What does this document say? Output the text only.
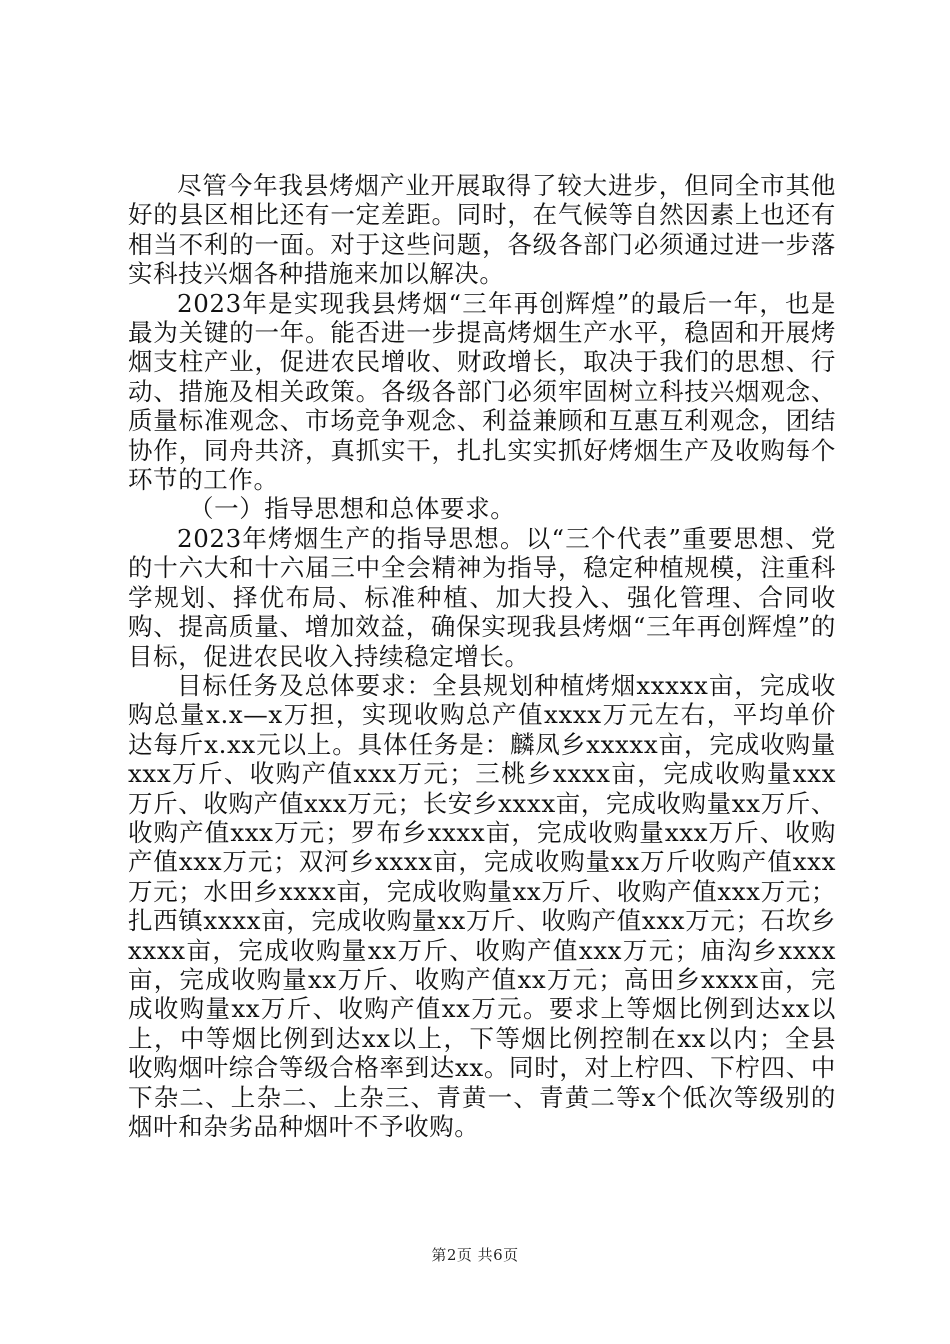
尽管今年我县烤烟产业开展取得了较大进步，但同全市其他好的县区相比还有一定差距。同时，在气候等自然因素上也还有相当不利的一面。对于这些问题，各级各部门必须通过进一步落实科技兴烟各种措施来加以解决。

2023年是实现我县烤烟“三年再创辉煌”的最后一年，也是最为关键的一年。能否进一步提高烤烟生产水平，稳固和开展烤烟支柱产业，促进农民增收、财政增长，取决于我们的思想、行动、措施及相关政策。各级各部门必须牢固树立科技兴烟观念、质量标准观念、市场竞争观念、利益兼顾和互惠互利观念，团结协作，同舟共济，真抓实干，扎扎实实抓好烤烟生产及收购每个环节的工作。

（一）指导思想和总体要求。

2023年烤烟生产的指导思想。以“三个代表”重要思想、党的十六大和十六届三中全会精神为指导，稳定种植规模，注重科学规划、择优布局、标准种植、加大投入、强化管理、合同收购、提高质量、增加效益，确保实现我县烤烟“三年再创辉煌”的目标，促进农民收入持续稳定增长。

目标任务及总体要求：全县规划种植烤烟xxxxx亩，完成收购总量x.x—x万担，实现收购总产值xxxx万元左右，平均单价达每斤x.xx元以上。具体任务是：麟凤乡xxxxx亩，完成收购量xxx万斤、收购产值xxx万元；三桃乡xxxx亩，完成收购量xxx万斤、收购产值xxx万元；长安乡xxxx亩，完成收购量xx万斤、收购产值xxx万元；罗布乡xxxx亩，完成收购量xxx万斤、收购产值xxx万元；双河乡xxxx亩，完成收购量xx万斤收购产值xxx万元；水田乡xxxx亩，完成收购量xx万斤、收购产值xxx万元；扎西镇xxxx亩，完成收购量xx万斤、收购产值xxx万元；石坎乡xxxx亩，完成收购量xx万斤、收购产值xxx万元；庙沟乡xxxx亩，完成收购量xx万斤、收购产值xx万元；高田乡xxxx亩，完成收购量xx万斤、收购产值xx万元。要求上等烟比例到达xx以上，中等烟比例到达xx以上，下等烟比例控制在xx以内；全县收购烟叶综合等级合格率到达xx。同时，对上柠四、下柠四、中下杂二、上杂二、上杂三、青黄一、青黄二等x个低次等级别的烟叶和杂劣品种烟叶不予收购。

第2页 共6页
